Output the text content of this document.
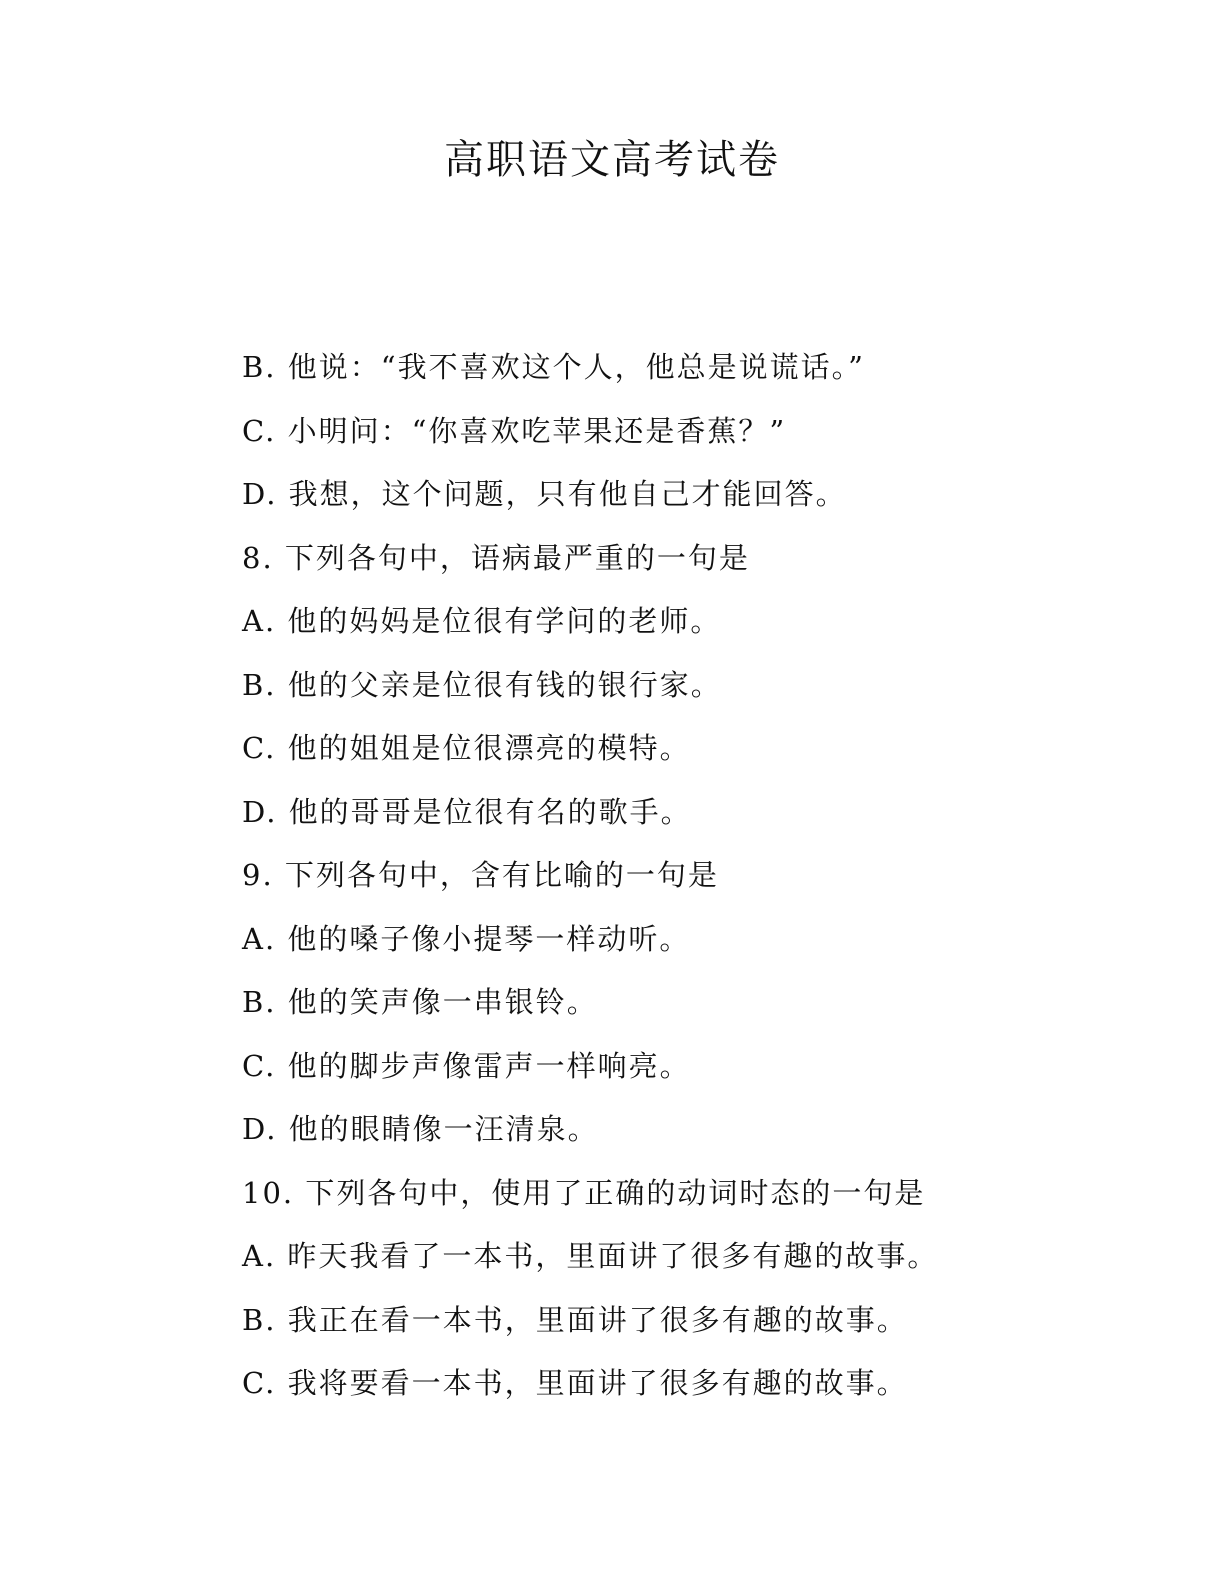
高职语文高考试卷
B. 他说：“我不喜欢这个人，他总是说谎话。”
C. 小明问：“你喜欢吃苹果还是香蕉？”
D. 我想，这个问题，只有他自己才能回答。
8. 下列各句中，语病最严重的一句是
A. 他的妈妈是位很有学问的老师。
B. 他的父亲是位很有钱的银行家。
C. 他的姐姐是位很漂亮的模特。
D. 他的哥哥是位很有名的歌手。
9. 下列各句中，含有比喻的一句是
A. 他的嗓子像小提琴一样动听。
B. 他的笑声像一串银铃。
C. 他的脚步声像雷声一样响亮。
D. 他的眼睛像一汪清泉。
10. 下列各句中，使用了正确的动词时态的一句是
A. 昨天我看了一本书，里面讲了很多有趣的故事。
B. 我正在看一本书，里面讲了很多有趣的故事。
C. 我将要看一本书，里面讲了很多有趣的故事。
